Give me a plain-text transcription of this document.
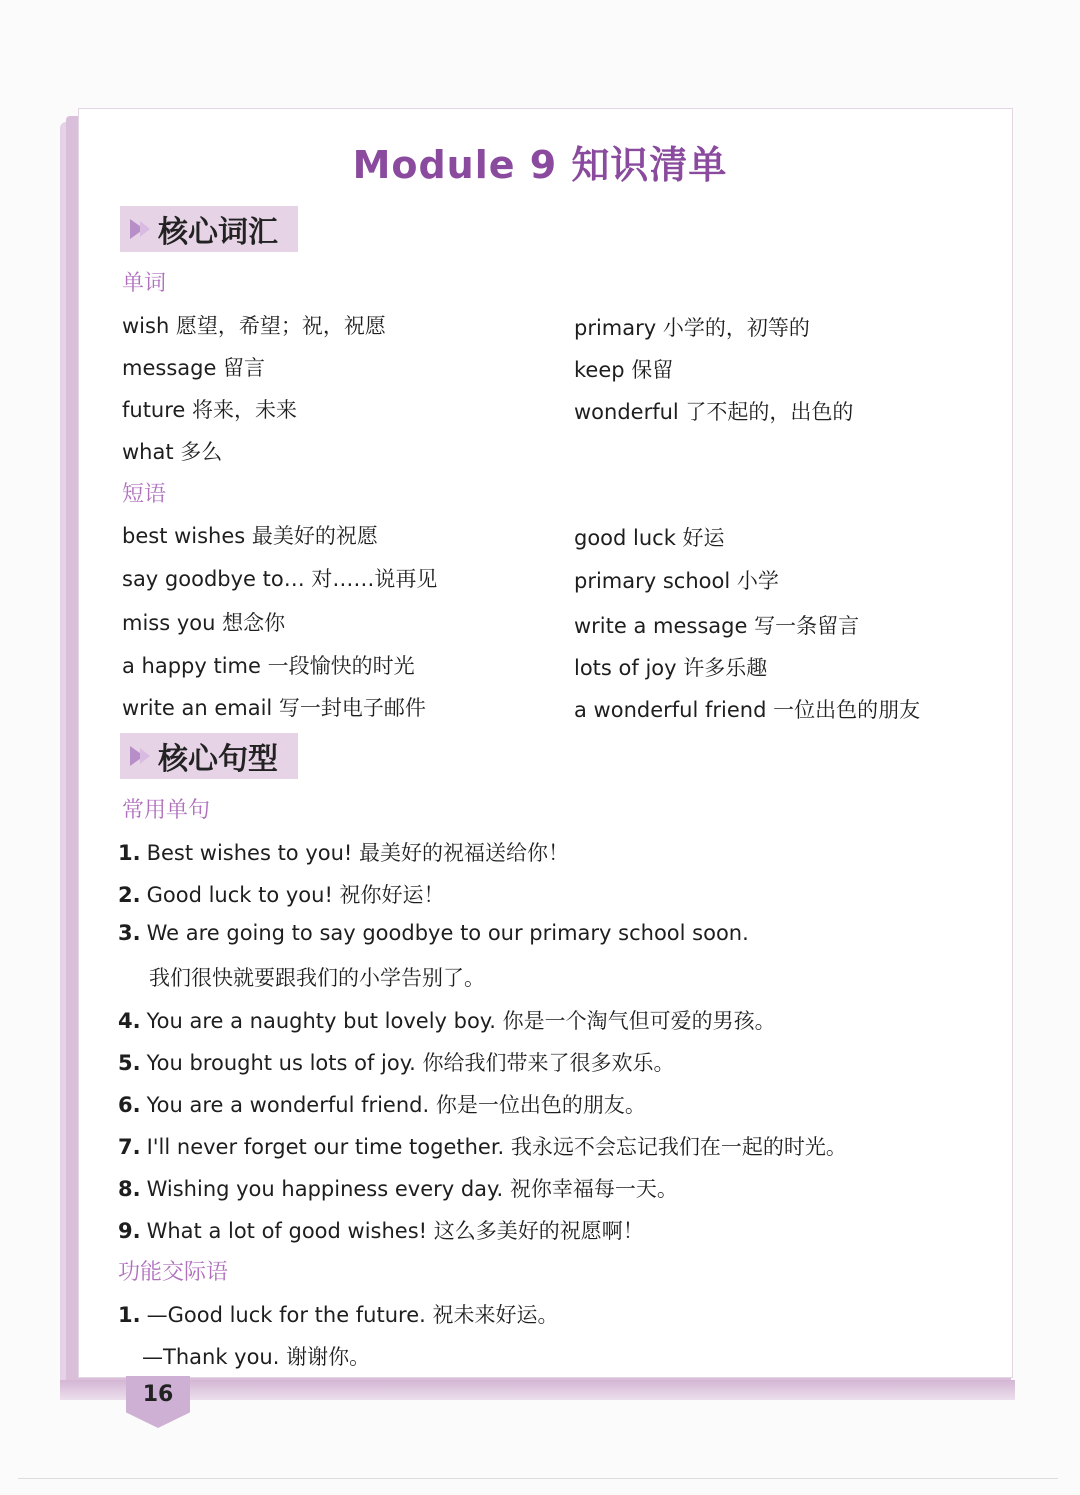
Module 9 知识清单
核心词汇
单词
wish 愿望，希望；祝，祝愿
message 留言
future 将来，未来
what 多么
primary 小学的，初等的
keep 保留
wonderful 了不起的，出色的
短语
best wishes 最美好的祝愿
say goodbye to… 对……说再见
miss you 想念你
a happy time 一段愉快的时光
write an email 写一封电子邮件
good luck 好运
primary school 小学
write a message 写一条留言
lots of joy 许多乐趣
a wonderful friend 一位出色的朋友
核心句型
常用单句
1. Best wishes to you! 最美好的祝福送给你！
2. Good luck to you! 祝你好运！
3. We are going to say goodbye to our primary school soon.
我们很快就要跟我们的小学告别了。
4. You are a naughty but lovely boy. 你是一个淘气但可爱的男孩。
5. You brought us lots of joy. 你给我们带来了很多欢乐。
6. You are a wonderful friend. 你是一位出色的朋友。
7. I'll never forget our time together. 我永远不会忘记我们在一起的时光。
8. Wishing you happiness every day. 祝你幸福每一天。
9. What a lot of good wishes! 这么多美好的祝愿啊！
功能交际语
1. —Good luck for the future. 祝未来好运。
—Thank you. 谢谢你。
16
